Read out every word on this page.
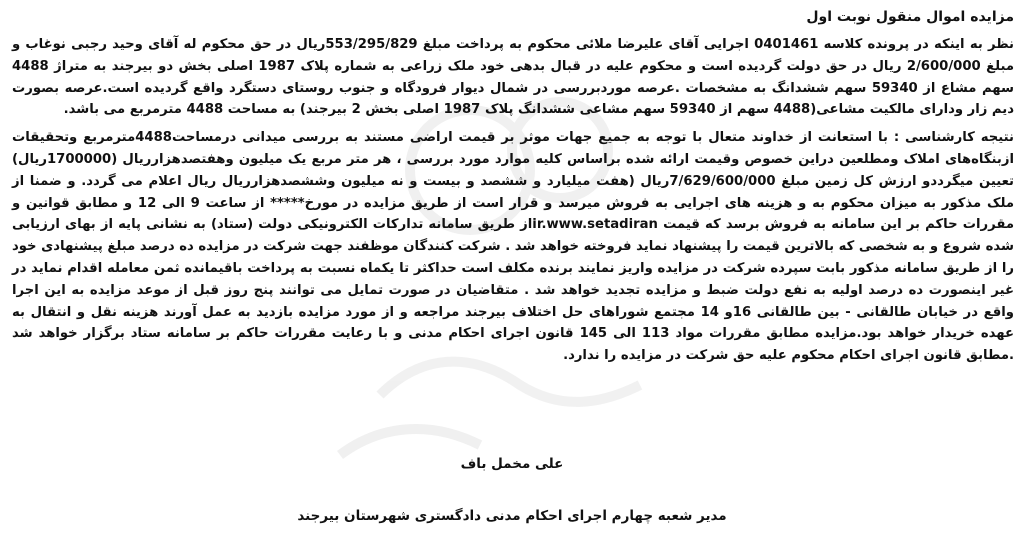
مزایده اموال منقول نوبت اول

نظر به اینکه در پرونده کلاسه 0401461 اجرایی آقای علیرضا ملائی محکوم به پرداخت مبلغ 553/295/829ریال در حق محکوم له آقای وحید رجبی نوغاب و مبلغ 2/600/000 ریال در حق دولت گردیده است و محکوم علیه در قبال بدهی خود ملک زراعی به شماره پلاک 1987 اصلی بخش دو بیرجند به متراژ 4488 سهم مشاع از 59340 سهم ششدانگ به مشخصات .عرصه موردبررسی در شمال دیوار فرودگاه و جنوب روستای دستگرد واقع گردیده است.عرصه بصورت دیم زار ودارای مالکیت مشاعی(4488 سهم از 59340 سهم مشاعی ششدانگ پلاک 1987 اصلی بخش 2 بیرجند) به مساحت 4488 مترمربع می باشد.

نتیجه کارشناسی : با استعانت از خداوند متعال با توجه به جمیع جهات موثر بر قیمت اراضی مستند به بررسی میدانی درمساحت4488مترمربع وتحقیقات ازبنگاه‌های املاک ومطلعین دراین خصوص وقیمت ارائه شده براساس کلیه موارد مورد بررسی ، هر متر مربع یک میلیون وهفتصدهزارریال (1700000ریال) تعیین میگرددو ارزش کل زمین مبلغ 7/629/600/000ریال (هفت میلیارد و ششصد و بیست و نه میلیون وششصدهزارریال ریال اعلام می گردد. و ضمنا از ملک مذکور به میزان محکوم به و هزینه های اجرایی به فروش میرسد و قرار است از طریق مزایده در مورخ***** از ساعت 9 الی 12 و مطابق قوانین و مقررات حاکم بر این سامانه به فروش برسد که قیمت ir.www.setadiranاز طریق سامانه تدارکات الکترونیکی دولت (ستاد) به نشانی پایه از بهای ارزیابی شده شروع و به شخصی که بالاترین قیمت را پیشنهاد نماید فروخته خواهد شد . شرکت کنندگان موظفند جهت شرکت در مزایده ده درصد مبلغ پیشنهادی خود را از طریق سامانه مذکور بابت سپرده شرکت در مزایده واریز نمایند برنده مکلف است حداکثر تا یکماه نسبت به پرداخت باقیمانده ثمن معامله اقدام نماید در غیر اینصورت ده درصد اولیه به نفع دولت ضبط و مزایده تجدید خواهد شد . متقاضیان در صورت تمایل می توانند پنج روز قبل از موعد مزایده به این اجرا واقع در خیابان طالقانی - بین طالقانی 16و 14 مجتمع شوراهای حل اختلاف بیرجند مراجعه و از مورد مزایده بازدید به عمل آورند هزینه نقل و انتقال به عهده خریدار خواهد بود.مزایده مطابق مقررات مواد 113 الی 145 قانون اجرای احکام مدنی و با رعایت مقررات حاکم بر سامانه ستاد برگزار خواهد شد .مطابق قانون اجرای احکام محکوم علیه حق شرکت در مزایده را ندارد.

علی مخمل باف
مدیر شعبه چهارم اجرای احکام مدنی دادگستری شهرستان بیرجند
